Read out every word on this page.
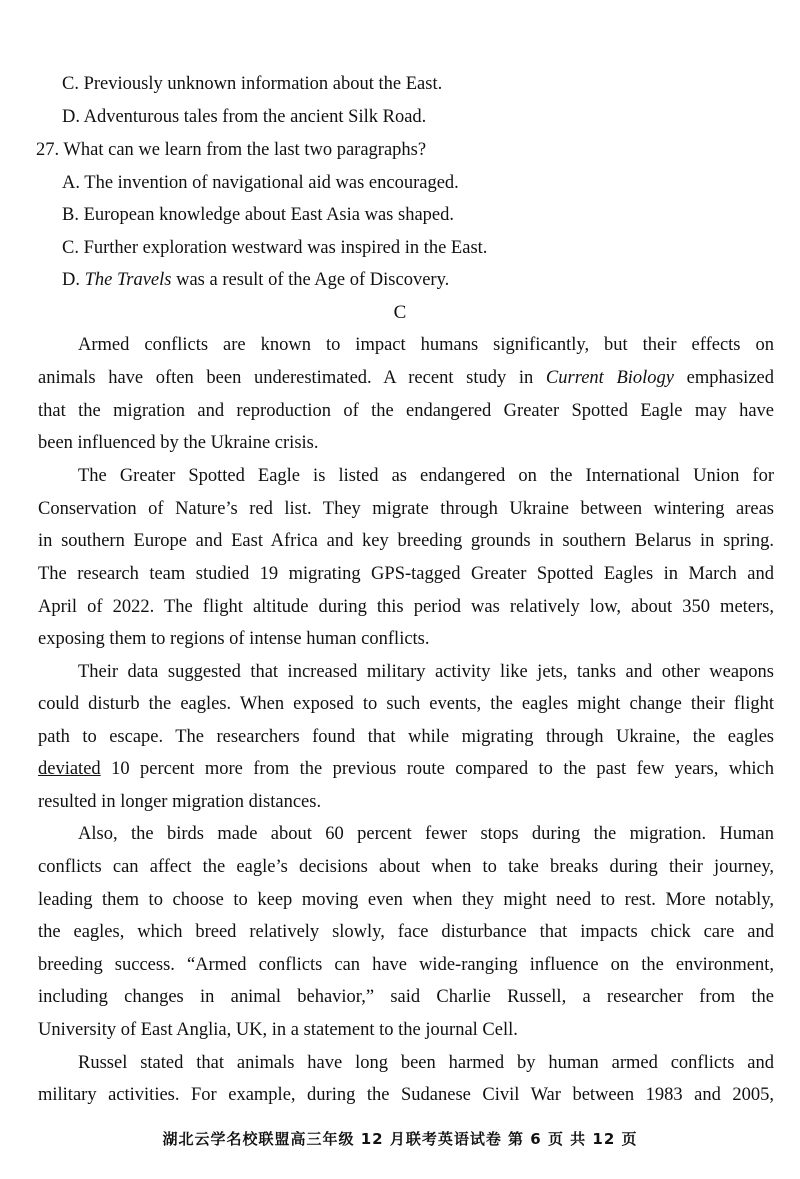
C. Previously unknown information about the East.
D. Adventurous tales from the ancient Silk Road.
27. What can we learn from the last two paragraphs?
A. The invention of navigational aid was encouraged.
B. European knowledge about East Asia was shaped.
C. Further exploration westward was inspired in the East.
D. The Travels was a result of the Age of Discovery.
C
Armed conflicts are known to impact humans significantly, but their effects on
animals have often been underestimated. A recent study in Current Biology emphasized
that the migration and reproduction of the endangered Greater Spotted Eagle may have
been influenced by the Ukraine crisis.
The Greater Spotted Eagle is listed as endangered on the International Union for
Conservation of Nature’s red list. They migrate through Ukraine between wintering areas
in southern Europe and East Africa and key breeding grounds in southern Belarus in spring.
The research team studied 19 migrating GPS-tagged Greater Spotted Eagles in March and
April of 2022. The flight altitude during this period was relatively low, about 350 meters,
exposing them to regions of intense human conflicts.
Their data suggested that increased military activity like jets, tanks and other weapons
could disturb the eagles. When exposed to such events, the eagles might change their flight
path to escape. The researchers found that while migrating through Ukraine, the eagles
deviated 10 percent more from the previous route compared to the past few years, which
resulted in longer migration distances.
Also, the birds made about 60 percent fewer stops during the migration. Human
conflicts can affect the eagle’s decisions about when to take breaks during their journey,
leading them to choose to keep moving even when they might need to rest. More notably,
the eagles, which breed relatively slowly, face disturbance that impacts chick care and
breeding success. “Armed conflicts can have wide-ranging influence on the environment,
including changes in animal behavior,” said Charlie Russell, a researcher from the
University of East Anglia, UK, in a statement to the journal Cell.
Russel stated that animals have long been harmed by human armed conflicts and
military activities. For example, during the Sudanese Civil War between 1983 and 2005,
湖北云学名校联盟高三年级 12 月联考英语试卷 第 6 页 共 12 页
